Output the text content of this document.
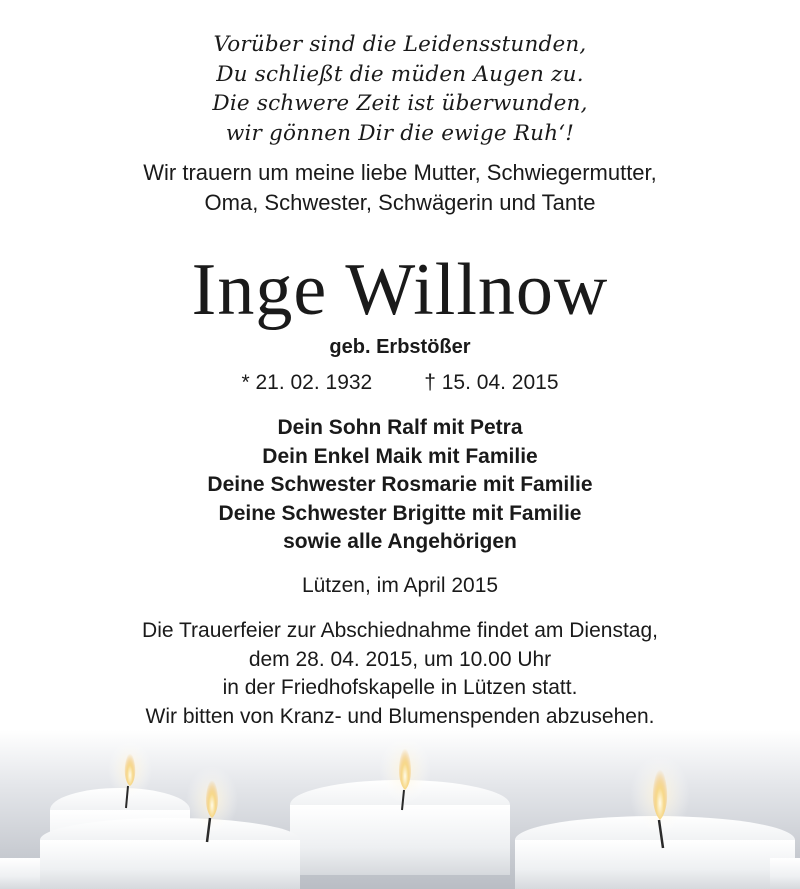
Vorüber sind die Leidensstunden,
Du schließt die müden Augen zu.
Die schwere Zeit ist überwunden,
wir gönnen Dir die ewige Ruh‘!
Wir trauern um meine liebe Mutter, Schwiegermutter,
Oma, Schwester, Schwägerin und Tante
Inge Willnow
geb. Erbstößer
* 21. 02. 1932 † 15. 04. 2015
Dein Sohn Ralf mit Petra
Dein Enkel Maik mit Familie
Deine Schwester Rosmarie mit Familie
Deine Schwester Brigitte mit Familie
sowie alle Angehörigen
Lützen, im April 2015
Die Trauerfeier zur Abschiednahme findet am Dienstag,
dem 28. 04. 2015, um 10.00 Uhr
in der Friedhofskapelle in Lützen statt.
Wir bitten von Kranz- und Blumenspenden abzusehen.
